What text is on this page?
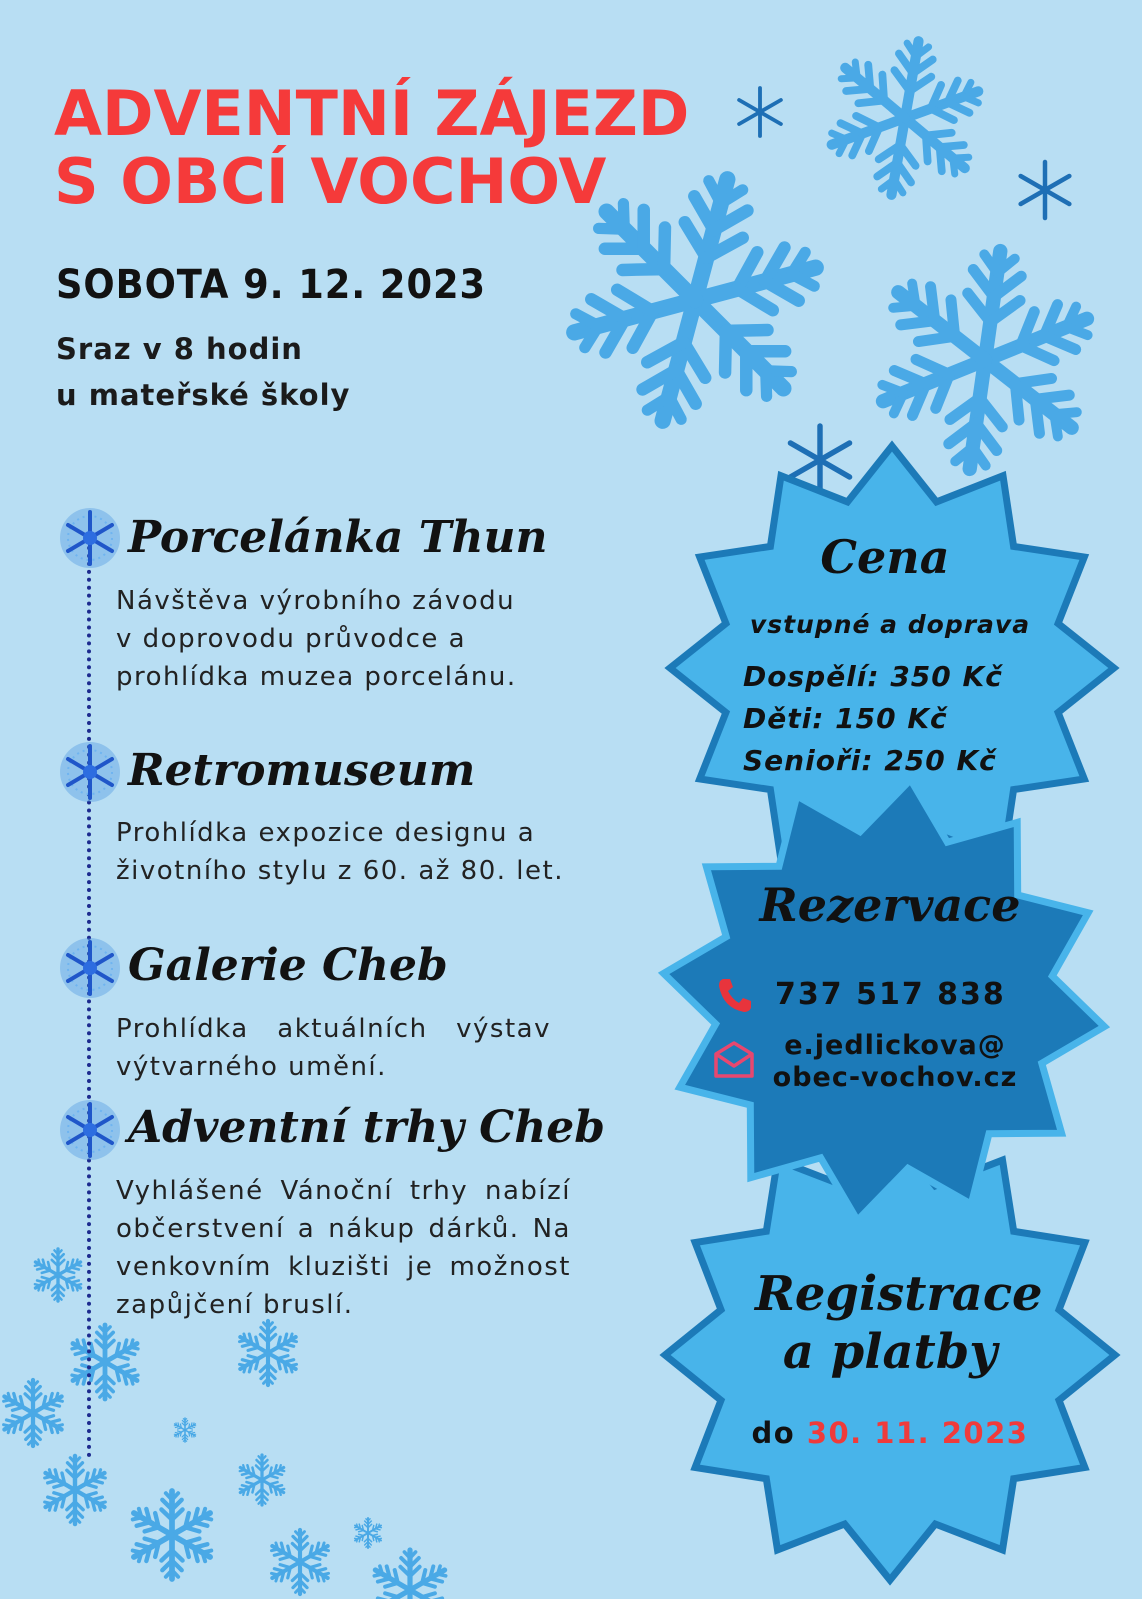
ADVENTNÍ ZÁJEZD
S OBCÍ VOCHOV
SOBOTA 9. 12. 2023
Sraz v 8 hodin
u mateřské školy
Porcelánka Thun
Návštěva výrobního závodu
v doprovodu průvodce a
prohlídka muzea porcelánu.
Retromuseum
Prohlídka expozice designu a
životního stylu z 60. až 80. let.
Galerie Cheb
Prohlídka aktuálních výstav výtvarného umění.
Adventní trhy Cheb
Vyhlášené Vánoční trhy nabízí občerstvení a nákup dárků. Na venkovním kluzišti je možnost zapůjčení bruslí.
Cena
vstupné a doprava
Dospělí: 350 Kč
Děti: 150 Kč
Senioři: 250 Kč
Rezervace
737 517 838
e.jedlickova@
obec-vochov.cz
Registrace
a platby
do 30. 11. 2023
